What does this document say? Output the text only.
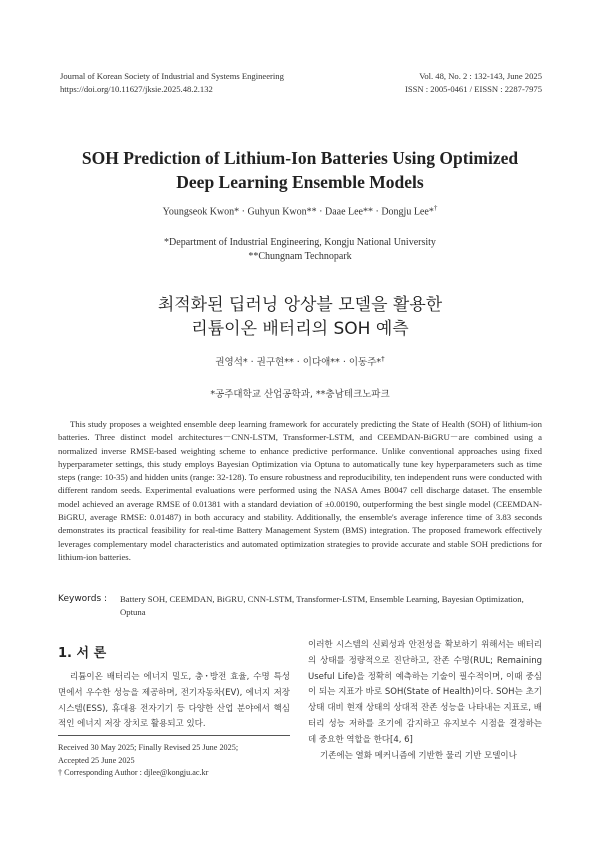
Journal of Korean Society of Industrial and Systems Engineering
https://doi.org/10.11627/jksie.2025.48.2.132
Vol. 48, No. 2 : 132-143, June 2025
ISSN : 2005-0461 / EISSN : 2287-7975
SOH Prediction of Lithium-Ion Batteries Using Optimized
Deep Learning Ensemble Models
Youngseok Kwon* · Guhyun Kwon** · Daae Lee** · Dongju Lee*†
*Department of Industrial Engineering, Kongju National University
**Chungnam Technopark
최적화된 딥러닝 앙상블 모델을 활용한
리튬이온 배터리의 SOH 예측
권영석* · 권구현** · 이다애** · 이동주*†
*공주대학교 산업공학과, **충남테크노파크
This study proposes a weighted ensemble deep learning framework for accurately predicting the State of Health (SOH) of lithium-ion batteries. Three distinct model architectures－CNN-LSTM, Transformer-LSTM, and CEEMDAN-BiGRU－are combined using a normalized inverse RMSE-based weighting scheme to enhance predictive performance. Unlike conventional approaches using fixed hyperparameter settings, this study employs Bayesian Optimization via Optuna to automatically tune key hyperparameters such as time steps (range: 10-35) and hidden units (range: 32-128). To ensure robustness and reproducibility, ten independent runs were conducted with different random seeds. Experimental evaluations were performed using the NASA Ames B0047 cell discharge dataset. The ensemble model achieved an average RMSE of 0.01381 with a standard deviation of ±0.00190, outperforming the best single model (CEEMDAN-BiGRU, average RMSE: 0.01487) in both accuracy and stability. Additionally, the ensemble's average inference time of 3.83 seconds demonstrates its practical feasibility for real-time Battery Management System (BMS) integration. The proposed framework effectively leverages complementary model characteristics and automated optimization strategies to provide accurate and stable SOH predictions for lithium-ion batteries.
Keywords : Battery SOH, CEEMDAN, BiGRU, CNN-LSTM, Transformer-LSTM, Ensemble Learning, Bayesian Optimization, Optuna
1. 서 론
리튬이온 배터리는 에너지 밀도, 충･방전 효율, 수명 특성 면에서 우수한 성능을 제공하며, 전기자동차(EV), 에너지 저장 시스템(ESS), 휴대용 전자기기 등 다양한 산업 분야에서 핵심적인 에너지 저장 장치로 활용되고 있다.
Received 30 May 2025; Finally Revised 25 June 2025;
Accepted 25 June 2025
† Corresponding Author : djlee@kongju.ac.kr

이러한 시스템의 신뢰성과 안전성을 확보하기 위해서는 배터리의 상태를 정량적으로 진단하고, 잔존 수명(RUL; Remaining Useful Life)을 정확히 예측하는 기술이 필수적이며, 이때 중심이 되는 지표가 바로 SOH(State of Health)이다. SOH는 초기 상태 대비 현재 상태의 상대적 잔존 성능을 나타내는 지표로, 배터리 성능 저하를 조기에 감지하고 유지보수 시점을 결정하는 데 중요한 역할을 한다[4, 6]

기존에는 열화 메커니즘에 기반한 물리 기반 모델이나
